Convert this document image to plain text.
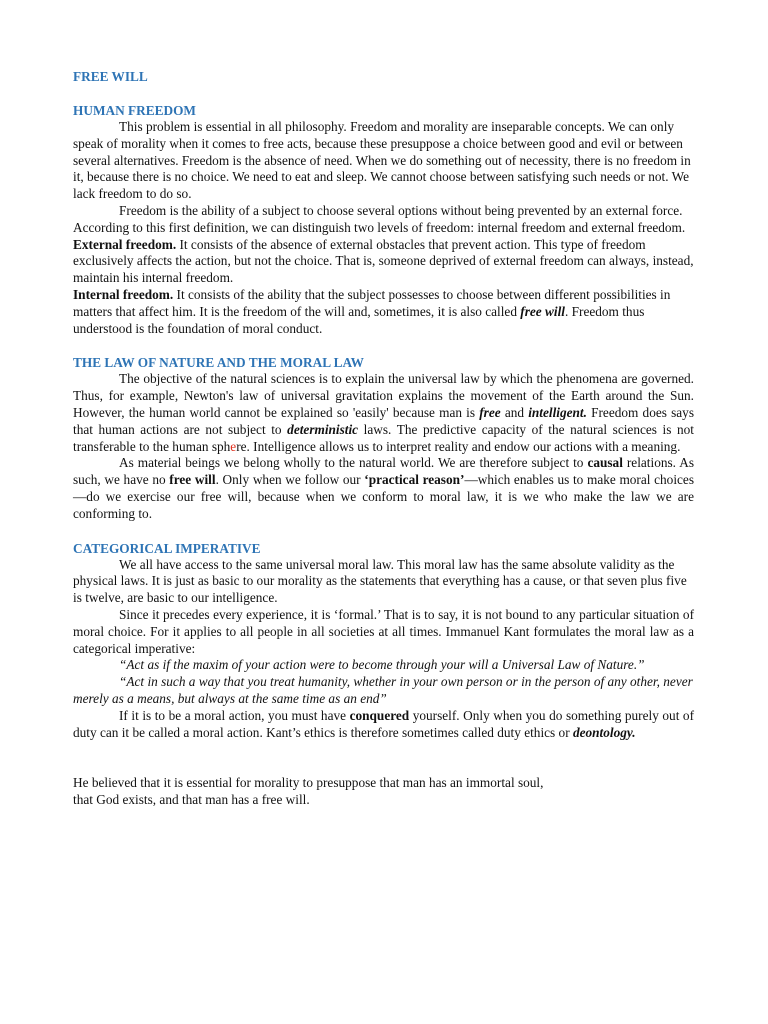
FREE WILL
HUMAN FREEDOM

This problem is essential in all philosophy. Freedom and morality are inseparable concepts. We can only speak of morality when it comes to free acts, because these presuppose a choice between good and evil or between several alternatives. Freedom is the absence of need. When we do something out of necessity, there is no freedom in it, because there is no choice. We need to eat and sleep. We cannot choose between satisfying such needs or not. We lack freedom to do so.

Freedom is the ability of a subject to choose several options without being prevented by an external force. According to this first definition, we can distinguish two levels of freedom: internal freedom and external freedom.

External freedom. It consists of the absence of external obstacles that prevent action. This type of freedom exclusively affects the action, but not the choice. That is, someone deprived of external freedom can always, instead, maintain his internal freedom.

Internal freedom. It consists of the ability that the subject possesses to choose between different possibilities in matters that affect him. It is the freedom of the will and, sometimes, it is also called free will. Freedom thus understood is the foundation of moral conduct.

THE LAW OF NATURE AND THE MORAL LAW

The objective of the natural sciences is to explain the universal law by which the phenomena are governed. Thus, for example, Newton's law of universal gravitation explains the movement of the Earth around the Sun. However, the human world cannot be explained so 'easily' because man is free and intelligent. Freedom does says that human actions are not subject to deterministic laws. The predictive capacity of the natural sciences is not transferable to the human sphere. Intelligence allows us to interpret reality and endow our actions with a meaning.

As material beings we belong wholly to the natural world. We are therefore subject to causal relations. As such, we have no free will. Only when we follow our ‘practical reason’—which enables us to make moral choices—do we exercise our free will, because when we conform to moral law, it is we who make the law we are conforming to.

CATEGORICAL IMPERATIVE

We all have access to the same universal moral law. This moral law has the same absolute validity as the physical laws. It is just as basic to our morality as the statements that everything has a cause, or that seven plus five is twelve, are basic to our intelligence.

Since it precedes every experience, it is ‘formal.’ That is to say, it is not bound to any particular situation of moral choice. For it applies to all people in all societies at all times. Immanuel Kant formulates the moral law as a categorical imperative:

“Act as if the maxim of your action were to become through your will a Universal Law of Nature.”

“Act in such a way that you treat humanity, whether in your own person or in the person of any other, never merely as a means, but always at the same time as an end”

If it is to be a moral action, you must have conquered yourself. Only when you do something purely out of duty can it be called a moral action. Kant’s ethics is therefore sometimes called duty ethics or deontology.

He believed that it is essential for morality to presuppose that man has an immortal soul,

that God exists, and that man has a free will.
